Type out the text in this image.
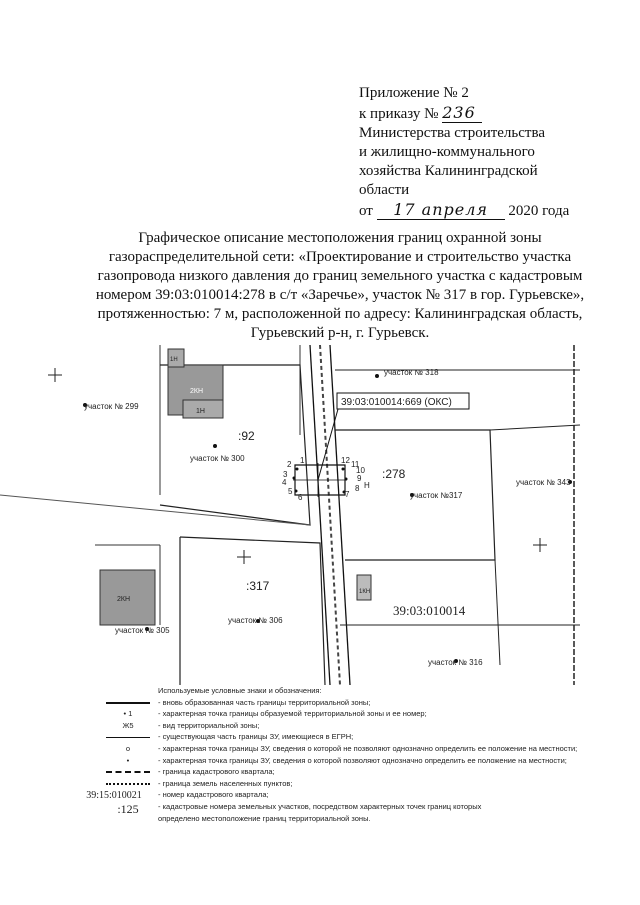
Приложение № 2
к приказу № 236
Министерства строительства
и жилищно-коммунального
хозяйства Калининградской
области
от 17 апреля 2020 года
Графическое описание местоположения границ охранной зоны
газораспределительной сети: «Проектирование и строительство участка
газопровода низкого давления до границ земельного участка с кадастровым
номером 39:03:010014:278 в с/т «Заречье», участок № 317 в гор. Гурьевске»,
протяженностью: 7 м, расположенной по адресу: Калининградская область,
Гурьевский р-н, г. Гурьевск.
участок № 318
участок № 299
участок № 300
участок №317
участок № 343
участок № 305
участок № 306
участок № 316
:92
:278
:317
39:03:010014:669 (ОКС)
39:03:010014
2КН
1Н
1Н
2КН
1КН
Н
1
2
3
4
5
6	7
8
9
10
11
12
Используемые условные знаки и обозначения:
- вновь образованная часть границы территориальной зоны;
• 1	- характерная точка границы образуемой территориальной зоны и ее номер;
Ж5	- вид территориальной зоны;
- существующая часть границы ЗУ, имеющиеся в ЕГРН;
о	- характерная точка границы ЗУ, сведения о которой не позволяют однозначно определить ее положение на местности;
•	- характерная точка границы ЗУ, сведения о которой позволяют однозначно определить ее положение на местности;
- граница кадастрового квартала;
- граница земель населенных пунктов;
39:15:010021 - номер кадастрового квартала;
:125	- кадастровые номера земельных участков, посредством характерных точек границ которых
определено местоположение границ территориальной зоны.
